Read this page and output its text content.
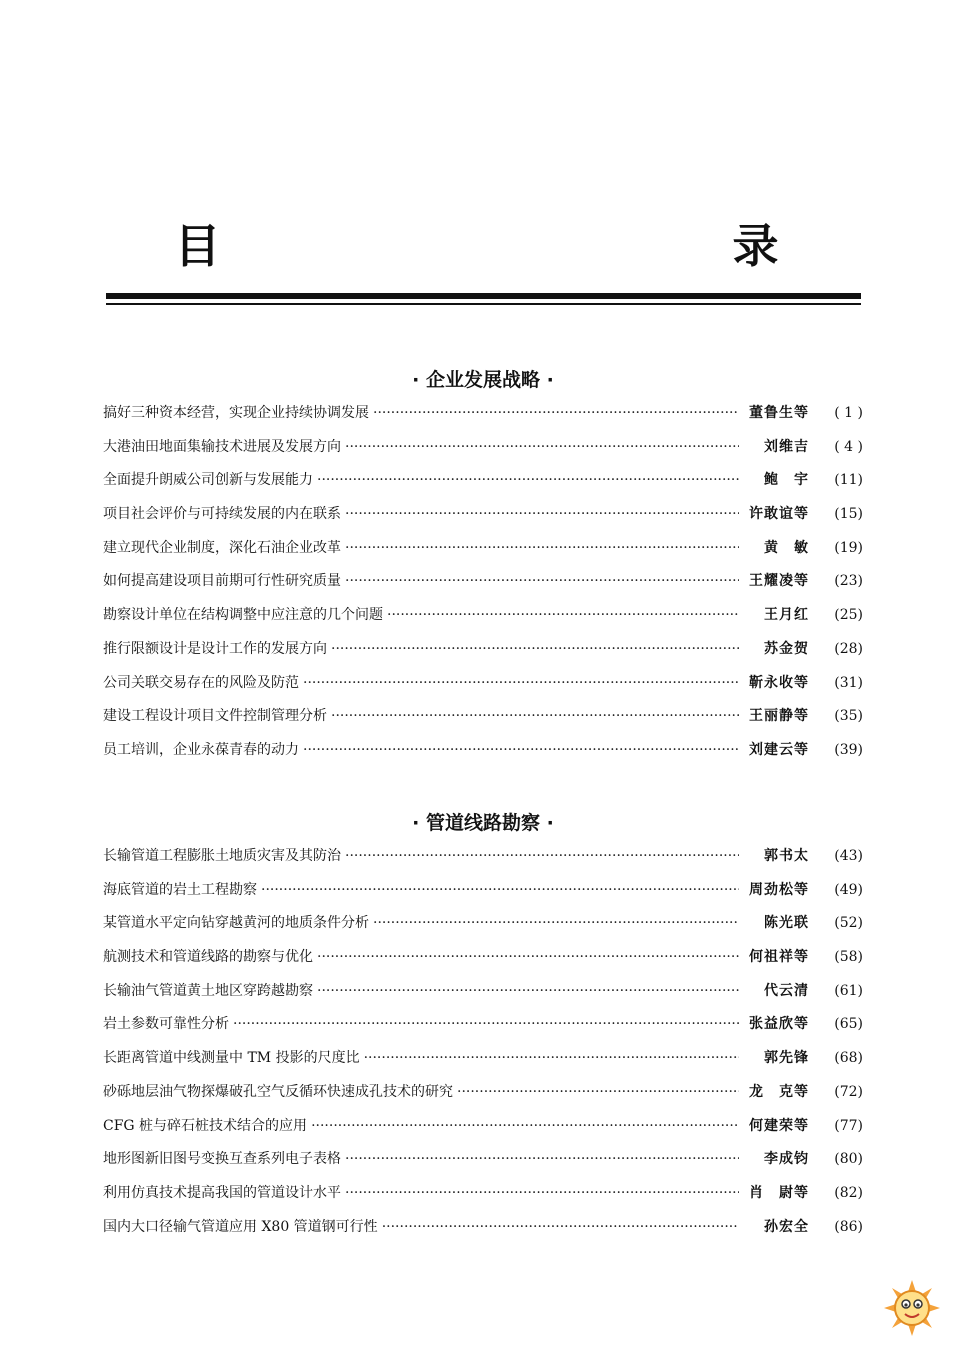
目　　录
· 企业发展战略 ·
搞好三种资本经营，实现企业持续协调发展 ·····	董鲁生等	( 1 )
大港油田地面集输技术进展及发展方向 ·····	刘维吉	( 4 )
全面提升朗威公司创新与发展能力 ·····	鲍　宇	(11)
项目社会评价与可持续发展的内在联系 ·····	许敢谊等	(15)
建立现代企业制度，深化石油企业改革 ·····	黄　敏	(19)
如何提高建设项目前期可行性研究质量 ·····	王耀凌等	(23)
勘察设计单位在结构调整中应注意的几个问题 ·····	王月红	(25)
推行限额设计是设计工作的发展方向 ·····	苏金贺	(28)
公司关联交易存在的风险及防范 ·····	靳永收等	(31)
建设工程设计项目文件控制管理分析 ·····	王丽静等	(35)
员工培训，企业永葆青春的动力 ·····	刘建云等	(39)
· 管道线路勘察 ·
长输管道工程膨胀土地质灾害及其防治 ·····	郭书太	(43)
海底管道的岩土工程勘察 ·····	周劲松等	(49)
某管道水平定向钻穿越黄河的地质条件分析 ·····	陈光联	(52)
航测技术和管道线路的勘察与优化 ·····	何祖祥等	(58)
长输油气管道黄土地区穿跨越勘察 ·····	代云清	(61)
岩土参数可靠性分析 ·····	张益欣等	(65)
长距离管道中线测量中 TM 投影的尺度比 ·····	郭先锋	(68)
砂砾地层油气物探爆破孔空气反循环快速成孔技术的研究 ·····	龙　克等	(72)
CFG 桩与碎石桩技术结合的应用 ·····	何建荣等	(77)
地形图新旧图号变换互查系列电子表格 ·····	李成钧	(80)
利用仿真技术提高我国的管道设计水平 ·····	肖　尉等	(82)
国内大口径输气管道应用 X80 管道钢可行性 ·····	孙宏全	(86)
